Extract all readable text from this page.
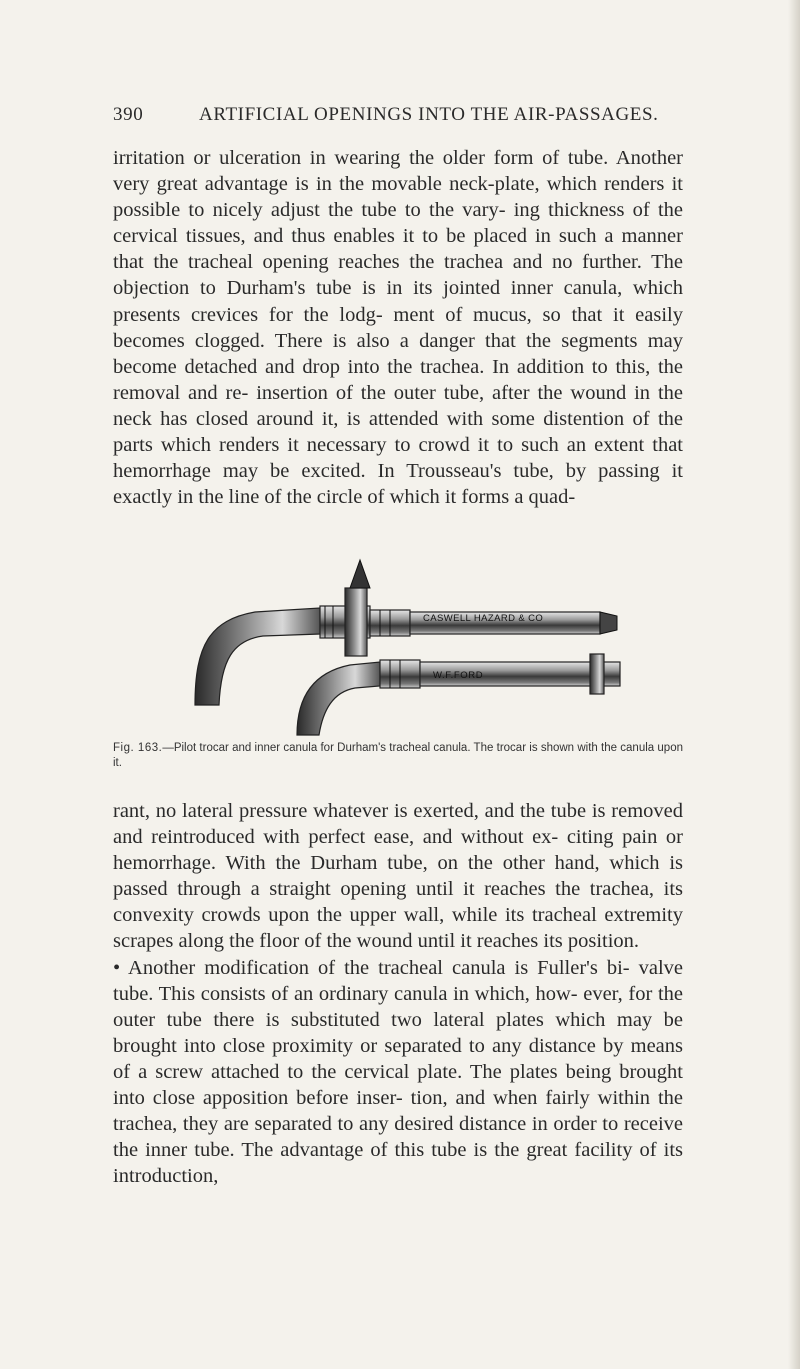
390	ARTIFICIAL OPENINGS INTO THE AIR-PASSAGES.

irritation or ulceration in wearing the older form of tube. Another very great advantage is in the movable neck-plate, which renders it possible to nicely adjust the tube to the vary- ing thickness of the cervical tissues, and thus enables it to be placed in such a manner that the tracheal opening reaches the trachea and no further. The objection to Durham's tube is in its jointed inner canula, which presents crevices for the lodg- ment of mucus, so that it easily becomes clogged. There is also a danger that the segments may become detached and drop into the trachea. In addition to this, the removal and re- insertion of the outer tube, after the wound in the neck has closed around it, is attended with some distention of the parts which renders it necessary to crowd it to such an extent that hemorrhage may be excited. In Trousseau's tube, by passing it exactly in the line of the circle of which it forms a quad-

CASWELL HAZARD & CO
W.F.FORD
Fig. 163.—Pilot trocar and inner canula for Durham's tracheal canula. The trocar is shown with the canula upon it.

rant, no lateral pressure whatever is exerted, and the tube is removed and reintroduced with perfect ease, and without ex- citing pain or hemorrhage. With the Durham tube, on the other hand, which is passed through a straight opening until it reaches the trachea, its convexity crowds upon the upper wall, while its tracheal extremity scrapes along the floor of the wound until it reaches its position.

• Another modification of the tracheal canula is Fuller's bi- valve tube. This consists of an ordinary canula in which, how- ever, for the outer tube there is substituted two lateral plates which may be brought into close proximity or separated to any distance by means of a screw attached to the cervical plate. The plates being brought into close apposition before inser- tion, and when fairly within the trachea, they are separated to any desired distance in order to receive the inner tube. The advantage of this tube is the great facility of its introduction,
